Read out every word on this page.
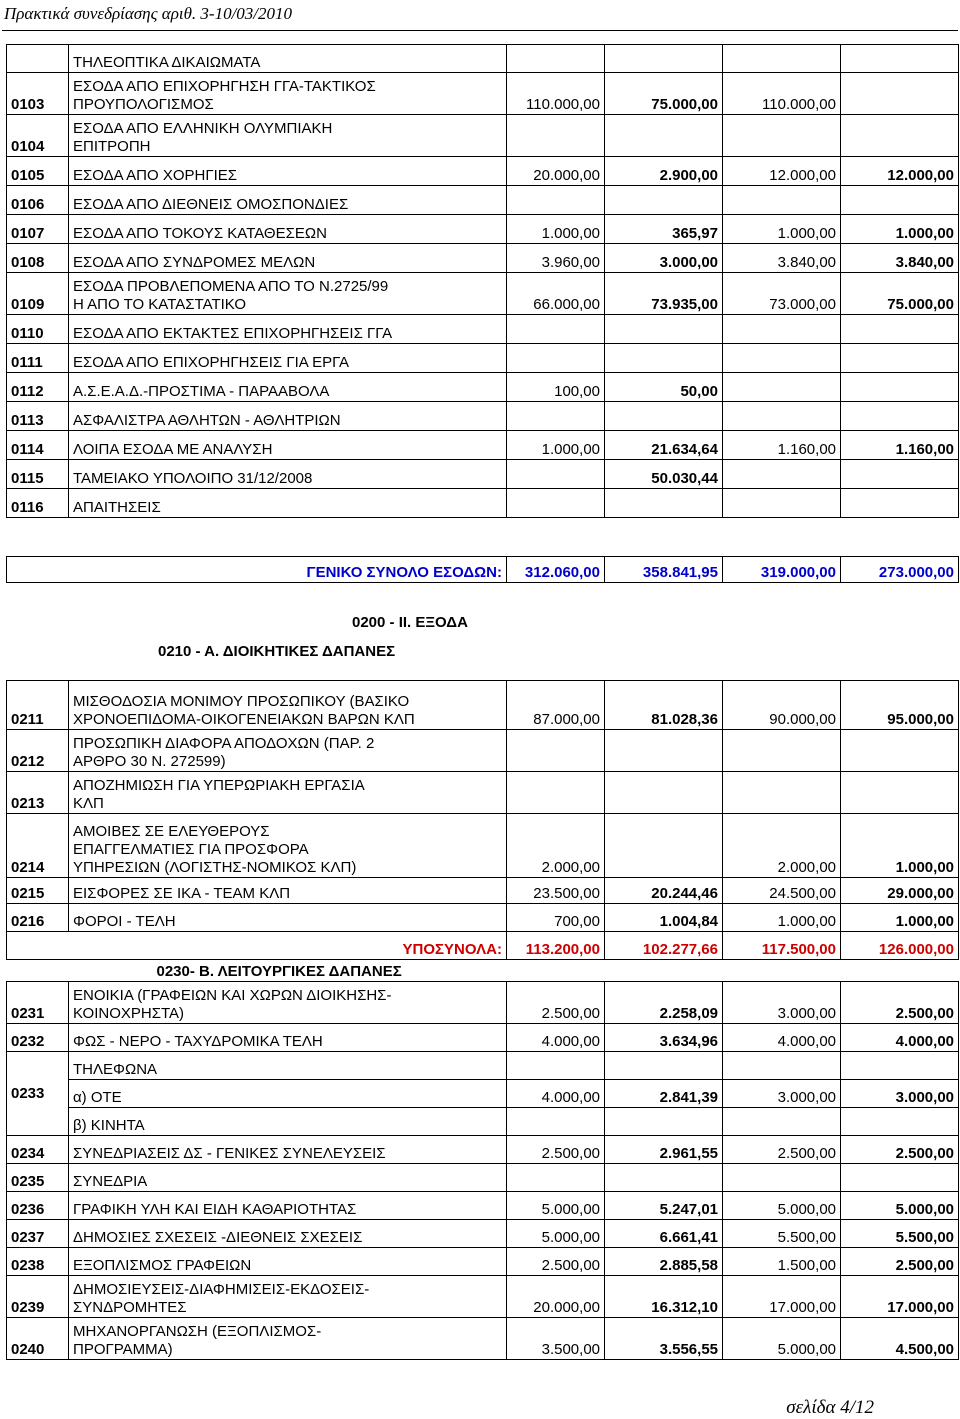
Πρακτικά συνεδρίασης αριθ. 3-10/03/2010

	ΤΗΛΕΟΠΤΙΚΑ ΔΙΚΑΙΩΜΑΤΑ				

0103	ΕΣΟΔΑ ΑΠΟ ΕΠΙΧΟΡΗΓΗΣΗ ΓΓΑ-ΤΑΚΤΙΚΟΣ
ΠΡΟΥΠΟΛΟΓΙΣΜΟΣ	110.000,00	75.000,00	110.000,00	
0104	ΕΣΟΔΑ ΑΠΟ ΕΛΛΗΝΙΚΗ ΟΛΥΜΠΙΑΚΗ
ΕΠΙΤΡΟΠΗ				

0105	ΕΣΟΔΑ ΑΠΟ ΧΟΡΗΓΙΕΣ	20.000,00	2.900,00	12.000,00	12.000,00
0106	ΕΣΟΔΑ ΑΠΟ ΔΙΕΘΝΕΙΣ ΟΜΟΣΠΟΝΔΙΕΣ				

0107	ΕΣΟΔΑ ΑΠΟ ΤΟΚΟΥΣ ΚΑΤΑΘΕΣΕΩΝ	1.000,00	365,97	1.000,00	1.000,00
0108	ΕΣΟΔΑ ΑΠΟ ΣΥΝΔΡΟΜΕΣ ΜΕΛΩΝ	3.960,00	3.000,00	3.840,00	3.840,00
0109	ΕΣΟΔΑ ΠΡΟΒΛΕΠΟΜΕΝΑ ΑΠΟ ΤΟ Ν.2725/99
Η ΑΠΟ ΤΟ ΚΑΤΑΣΤΑΤΙΚΟ	66.000,00	73.935,00	73.000,00	75.000,00
0110	ΕΣΟΔΑ ΑΠΟ ΕΚΤΑΚΤΕΣ ΕΠΙΧΟΡΗΓΗΣΕΙΣ ΓΓΑ				

0111	ΕΣΟΔΑ ΑΠΟ ΕΠΙΧΟΡΗΓΗΣΕΙΣ ΓΙΑ ΕΡΓΑ				

0112	Α.Σ.Ε.Α.Δ.-ΠΡΟΣΤΙΜΑ - ΠΑΡΑΑΒΟΛΑ	100,00	50,00		
0113	ΑΣΦΑΛΙΣΤΡΑ ΑΘΛΗΤΩΝ - ΑΘΛΗΤΡΙΩΝ				

0114	ΛΟΙΠΑ ΕΣΟΔΑ ΜΕ ΑΝΑΛΥΣΗ	1.000,00	21.634,64	1.160,00	1.160,00
0115	ΤΑΜΕΙΑΚΟ ΥΠΟΛΟΙΠΟ 31/12/2008		50.030,44		
0116	ΑΠΑΙΤΗΣΕΙΣ				

	ΓΕΝΙΚΟ ΣΥΝΟΛΟ ΕΣΟΔΩΝ:	312.060,00	358.841,95	319.000,00	273.000,00
0200 - ΙΙ. ΕΞΟΔΑ
0210 - Α. ΔΙΟΙΚΗΤΙΚΕΣ ΔΑΠΑΝΕΣ
0211	ΜΙΣΘΟΔΟΣΙΑ ΜΟΝΙΜΟΥ ΠΡΟΣΩΠΙΚΟΥ (ΒΑΣΙΚΟ
ΧΡΟΝΟΕΠΙΔΟΜΑ-ΟΙΚΟΓΕΝΕΙΑΚΩΝ ΒΑΡΩΝ ΚΛΠ	87.000,00	81.028,36	90.000,00	95.000,00
0212	ΠΡΟΣΩΠΙΚΗ ΔΙΑΦΟΡΑ ΑΠΟΔΟΧΩΝ (ΠΑΡ. 2
ΑΡΘΡΟ 30 Ν. 272599)				

0213	ΑΠΟΖΗΜΙΩΣΗ ΓΙΑ ΥΠΕΡΩΡΙΑΚΗ ΕΡΓΑΣΙΑ
ΚΛΠ				

0214	ΑΜΟΙΒΕΣ ΣΕ ΕΛΕΥΘΕΡΟΥΣ
ΕΠΑΓΓΕΛΜΑΤΙΕΣ ΓΙΑ ΠΡΟΣΦΟΡΑ
ΥΠΗΡΕΣΙΩΝ (ΛΟΓΙΣΤΗΣ-ΝΟΜΙΚΟΣ ΚΛΠ)	2.000,00		2.000,00	1.000,00
0215	ΕΙΣΦΟΡΕΣ ΣΕ ΙΚΑ - ΤΕΑΜ ΚΛΠ	23.500,00	20.244,46	24.500,00	29.000,00
0216	ΦΟΡΟΙ - ΤΕΛΗ	700,00	1.004,84	1.000,00	1.000,00
	ΥΠΟΣΥΝΟΛΑ:	113.200,00	102.277,66	117.500,00	126.000,00
0230- Β. ΛΕΙΤΟΥΡΓΙΚΕΣ ΔΑΠΑΝΕΣ					
0231	ΕΝΟΙΚΙΑ (ΓΡΑΦΕΙΩΝ ΚΑΙ ΧΩΡΩΝ ΔΙΟΙΚΗΣΗΣ-
ΚΟΙΝΟΧΡΗΣΤΑ)	2.500,00	2.258,09	3.000,00	2.500,00
0232	ΦΩΣ - ΝΕΡΟ - ΤΑΧΥΔΡΟΜΙΚΑ ΤΕΛΗ	4.000,00	3.634,96	4.000,00	4.000,00
0233	ΤΗΛΕΦΩΝΑ				
	α) ΟΤΕ	4.000,00	2.841,39	3.000,00	3.000,00
	β) ΚΙΝΗΤΑ				
0234	ΣΥΝΕΔΡΙΑΣΕΙΣ ΔΣ - ΓΕΝΙΚΕΣ ΣΥΝΕΛΕΥΣΕΙΣ	2.500,00	2.961,55	2.500,00	2.500,00
0235	ΣΥΝΕΔΡΙΑ				

0236	ΓΡΑΦΙΚΗ ΥΛΗ ΚΑΙ ΕΙΔΗ ΚΑΘΑΡΙΟΤΗΤΑΣ	5.000,00	5.247,01	5.000,00	5.000,00
0237	ΔΗΜΟΣΙΕΣ ΣΧΕΣΕΙΣ -ΔΙΕΘΝΕΙΣ ΣΧΕΣΕΙΣ	5.000,00	6.661,41	5.500,00	5.500,00
0238	ΕΞΟΠΛΙΣΜΟΣ ΓΡΑΦΕΙΩΝ	2.500,00	2.885,58	1.500,00	2.500,00
0239	ΔΗΜΟΣΙΕΥΣΕΙΣ-ΔΙΑΦΗΜΙΣΕΙΣ-ΕΚΔΟΣΕΙΣ-
ΣΥΝΔΡΟΜΗΤΕΣ	20.000,00	16.312,10	17.000,00	17.000,00
0240	ΜΗΧΑΝΟΡΓΑΝΩΣΗ (ΕΞΟΠΛΙΣΜΟΣ-
ΠΡΟΓΡΑΜΜΑ)	3.500,00	3.556,55	5.000,00	4.500,00
σελίδα 4/12
